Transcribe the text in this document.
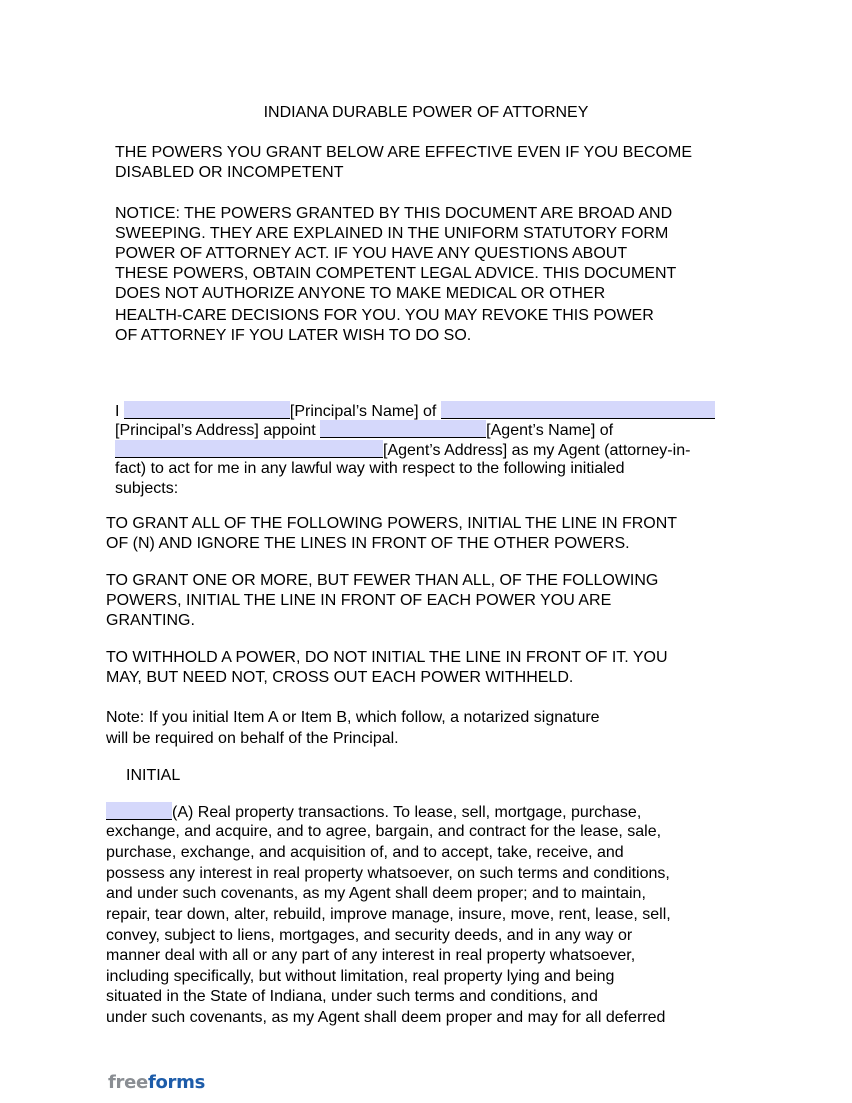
INDIANA DURABLE POWER OF ATTORNEY
THE POWERS YOU GRANT BELOW ARE EFFECTIVE EVEN IF YOU BECOME
DISABLED OR INCOMPETENT
NOTICE: THE POWERS GRANTED BY THIS DOCUMENT ARE BROAD AND
SWEEPING. THEY ARE EXPLAINED IN THE UNIFORM STATUTORY FORM
POWER OF ATTORNEY ACT. IF YOU HAVE ANY QUESTIONS ABOUT
THESE POWERS, OBTAIN COMPETENT LEGAL ADVICE. THIS DOCUMENT
DOES NOT AUTHORIZE ANYONE TO MAKE MEDICAL OR OTHER
HEALTH-CARE DECISIONS FOR YOU. YOU MAY REVOKE THIS POWER
OF ATTORNEY IF YOU LATER WISH TO DO SO.
I	[Principal’s Name] of
[Principal’s Address] appoint	[Agent’s Name] of
[Agent’s Address] as my Agent (attorney-in-
fact) to act for me in any lawful way with respect to the following initialed
subjects:
TO GRANT ALL OF THE FOLLOWING POWERS, INITIAL THE LINE IN FRONT
OF (N) AND IGNORE THE LINES IN FRONT OF THE OTHER POWERS.
TO GRANT ONE OR MORE, BUT FEWER THAN ALL, OF THE FOLLOWING
POWERS, INITIAL THE LINE IN FRONT OF EACH POWER YOU ARE
GRANTING.
TO WITHHOLD A POWER, DO NOT INITIAL THE LINE IN FRONT OF IT. YOU
MAY, BUT NEED NOT, CROSS OUT EACH POWER WITHHELD.
Note: If you initial Item A or Item B, which follow, a notarized signature
will be required on behalf of the Principal.
INITIAL
(A) Real property transactions. To lease, sell, mortgage, purchase,
exchange, and acquire, and to agree, bargain, and contract for the lease, sale,
purchase, exchange, and acquisition of, and to accept, take, receive, and
possess any interest in real property whatsoever, on such terms and conditions,
and under such covenants, as my Agent shall deem proper; and to maintain,
repair, tear down, alter, rebuild, improve manage, insure, move, rent, lease, sell,
convey, subject to liens, mortgages, and security deeds, and in any way or
manner deal with all or any part of any interest in real property whatsoever,
including specifically, but without limitation, real property lying and being
situated in the State of Indiana, under such terms and conditions, and
under such covenants, as my Agent shall deem proper and may for all deferred
freeforms
